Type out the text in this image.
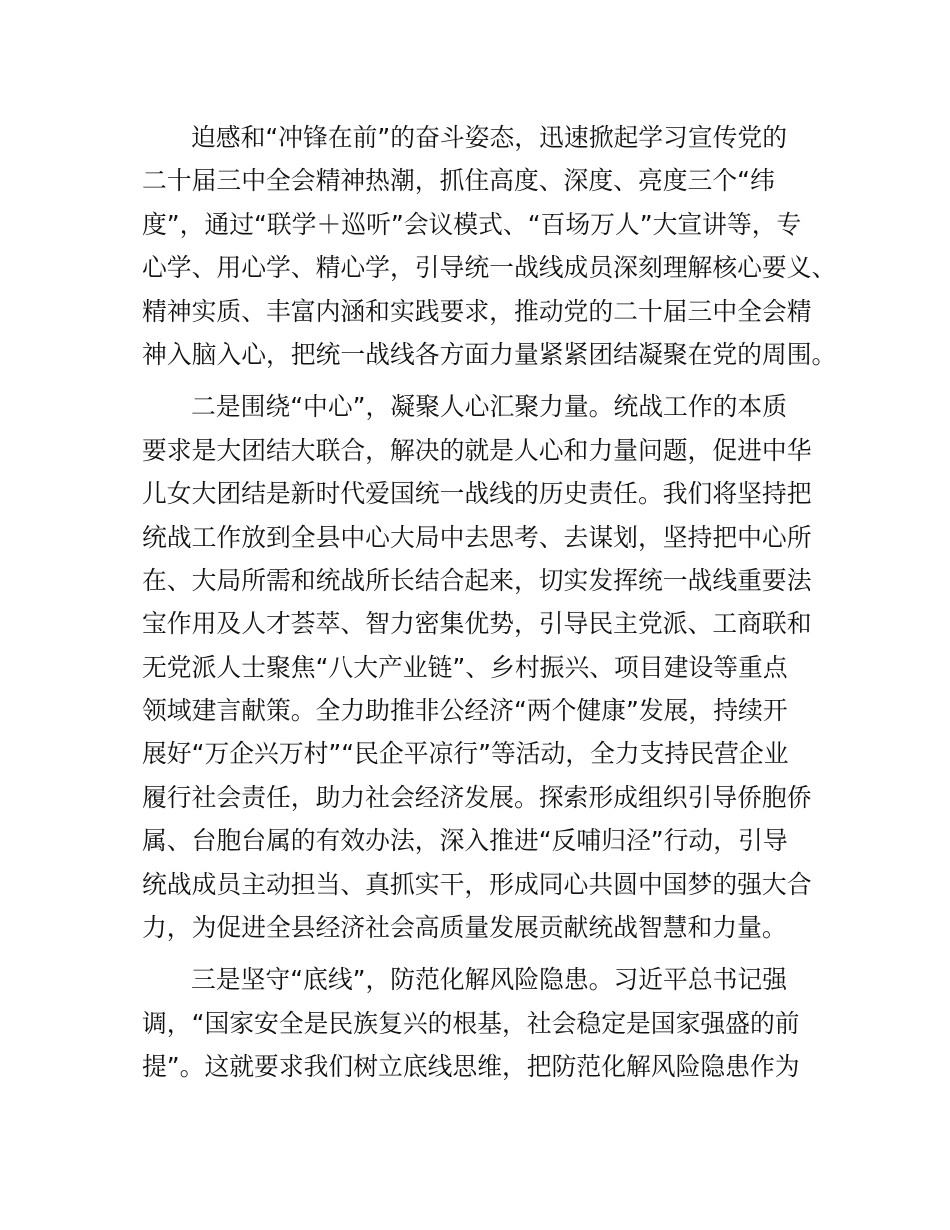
迫感和“冲锋在前”的奋斗姿态，迅速掀起学习宣传党的
二十届三中全会精神热潮，抓住高度、深度、亮度三个“纬
度”，通过“联学＋巡听”会议模式、“百场万人”大宣讲等，专
心学、用心学、精心学，引导统一战线成员深刻理解核心要义、
精神实质、丰富内涵和实践要求，推动党的二十届三中全会精
神入脑入心，把统一战线各方面力量紧紧团结凝聚在党的周围。
二是围绕“中心”，凝聚人心汇聚力量。统战工作的本质
要求是大团结大联合，解决的就是人心和力量问题，促进中华
儿女大团结是新时代爱国统一战线的历史责任。我们将坚持把
统战工作放到全县中心大局中去思考、去谋划，坚持把中心所
在、大局所需和统战所长结合起来，切实发挥统一战线重要法
宝作用及人才荟萃、智力密集优势，引导民主党派、工商联和
无党派人士聚焦“八大产业链”、乡村振兴、项目建设等重点
领域建言献策。全力助推非公经济“两个健康”发展，持续开
展好“万企兴万村”“民企平凉行”等活动，全力支持民营企业
履行社会责任，助力社会经济发展。探索形成组织引导侨胞侨
属、台胞台属的有效办法，深入推进“反哺归泾”行动，引导
统战成员主动担当、真抓实干，形成同心共圆中国梦的强大合
力，为促进全县经济社会高质量发展贡献统战智慧和力量。
三是坚守“底线”，防范化解风险隐患。习近平总书记强
调，“国家安全是民族复兴的根基，社会稳定是国家强盛的前
提”。这就要求我们树立底线思维，把防范化解风险隐患作为
